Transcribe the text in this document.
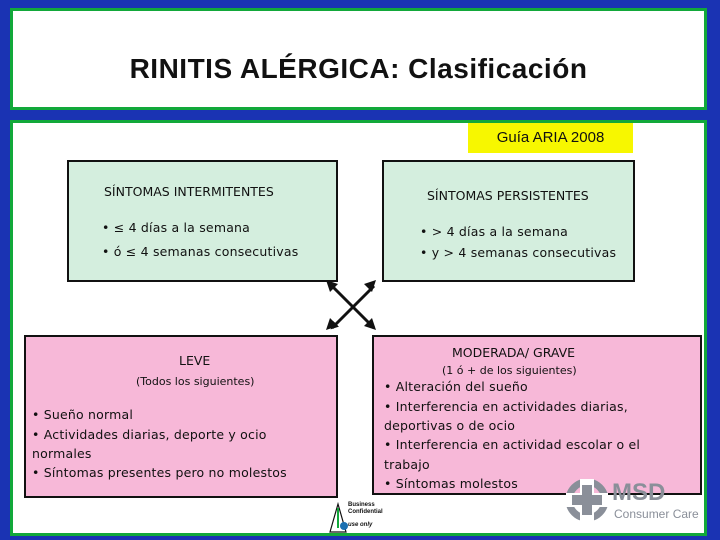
RINITIS ALÉRGICA: Clasificación
Guía ARIA 2008
SÍNTOMAS INTERMITENTES
• ≤ 4 días a la semana
• ó ≤ 4 semanas consecutivas
SÍNTOMAS PERSISTENTES
• > 4 días a la semana
• y > 4 semanas consecutivas
LEVE
(Todos los siguientes)
• Sueño normal
• Actividades diarias, deporte y ocio
normales
• Síntomas presentes pero no molestos
MODERADA/ GRAVE
(1 ó + de los siguientes)
• Alteración del sueño
• Interferencia en actividades diarias,
deportivas o de ocio
• Interferencia en actividad escolar o el
trabajo
• Síntomas molestos
Business
Confidential
use only
MSD
Consumer Care
